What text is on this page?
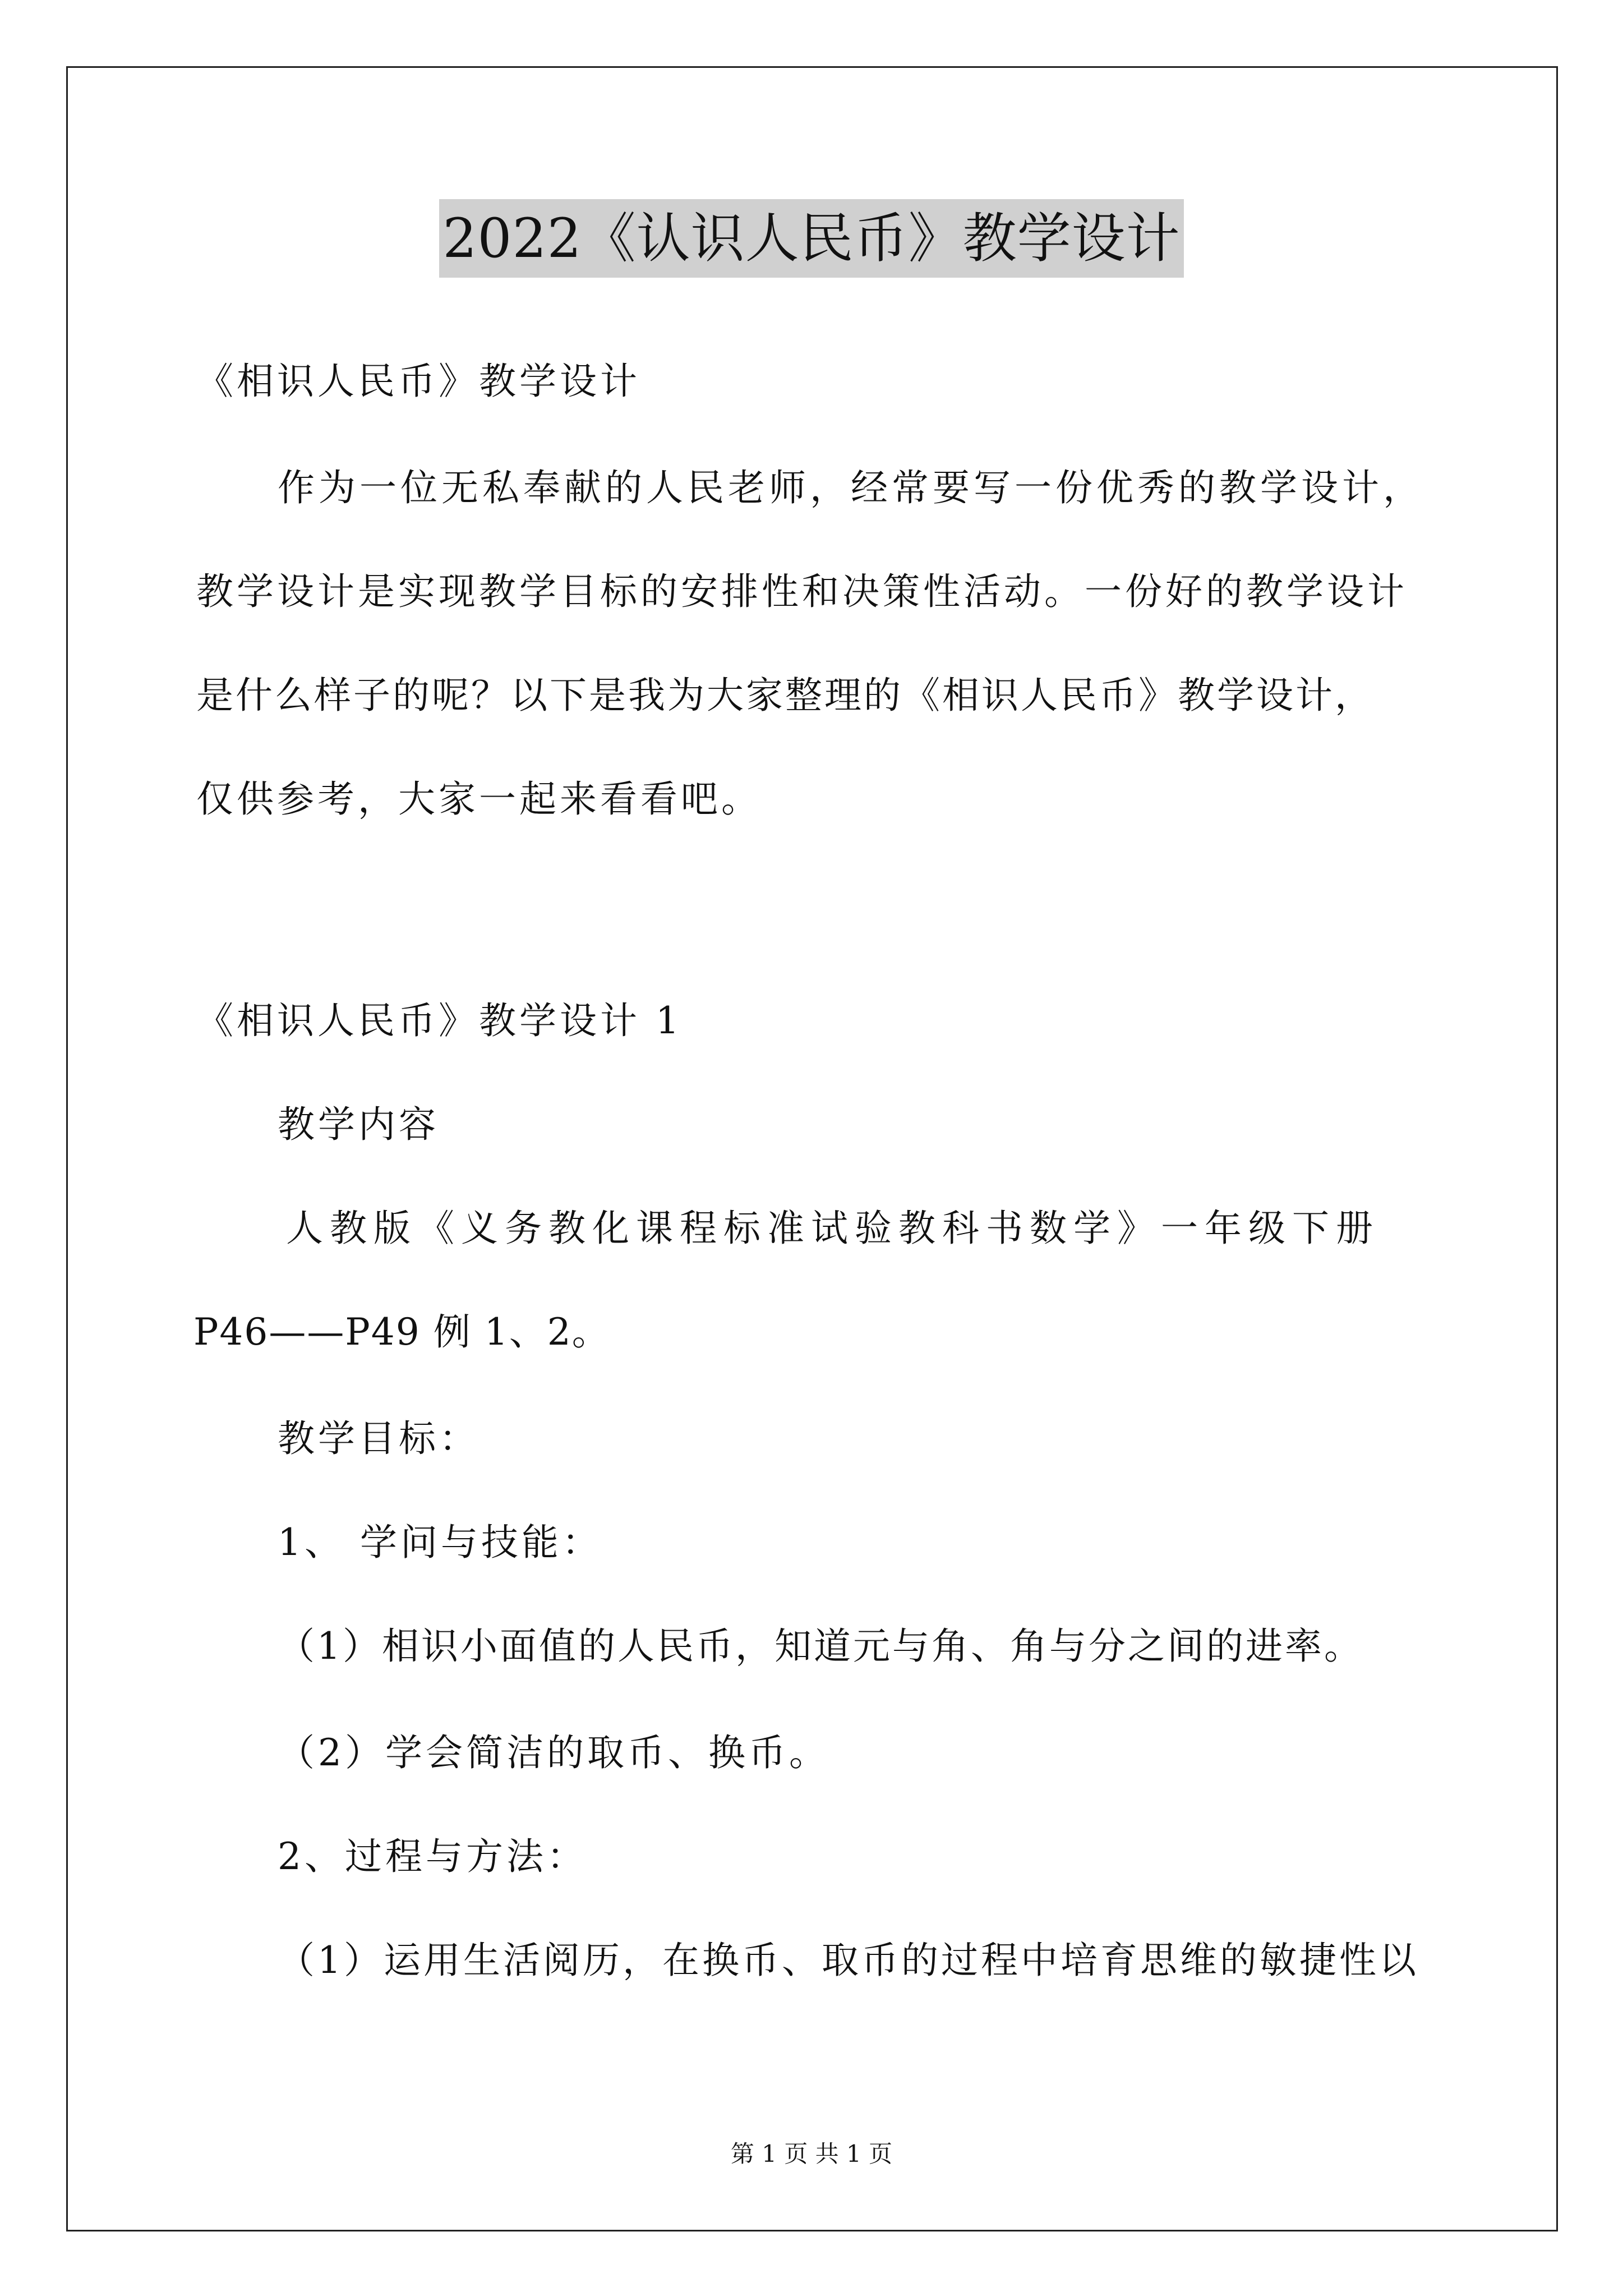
2022《认识人民币》教学设计
《相识人民币》教学设计
作为一位无私奉献的人民老师，经常要写一份优秀的教学设计，
教学设计是实现教学目标的安排性和决策性活动。一份好的教学设计
是什么样子的呢？以下是我为大家整理的《相识人民币》教学设计，
仅供参考，大家一起来看看吧。
《相识人民币》教学设计 1
教学内容
人教版《义务教化课程标准试验教科书数学》一年级下册
P46——P49 例 1、2。
教学目标：
1、 学问与技能：
（1）相识小面值的人民币，知道元与角、角与分之间的进率。
（2）学会简洁的取币、换币。
2、过程与方法：
（1）运用生活阅历，在换币、取币的过程中培育思维的敏捷性以
第 1 页 共 1 页
